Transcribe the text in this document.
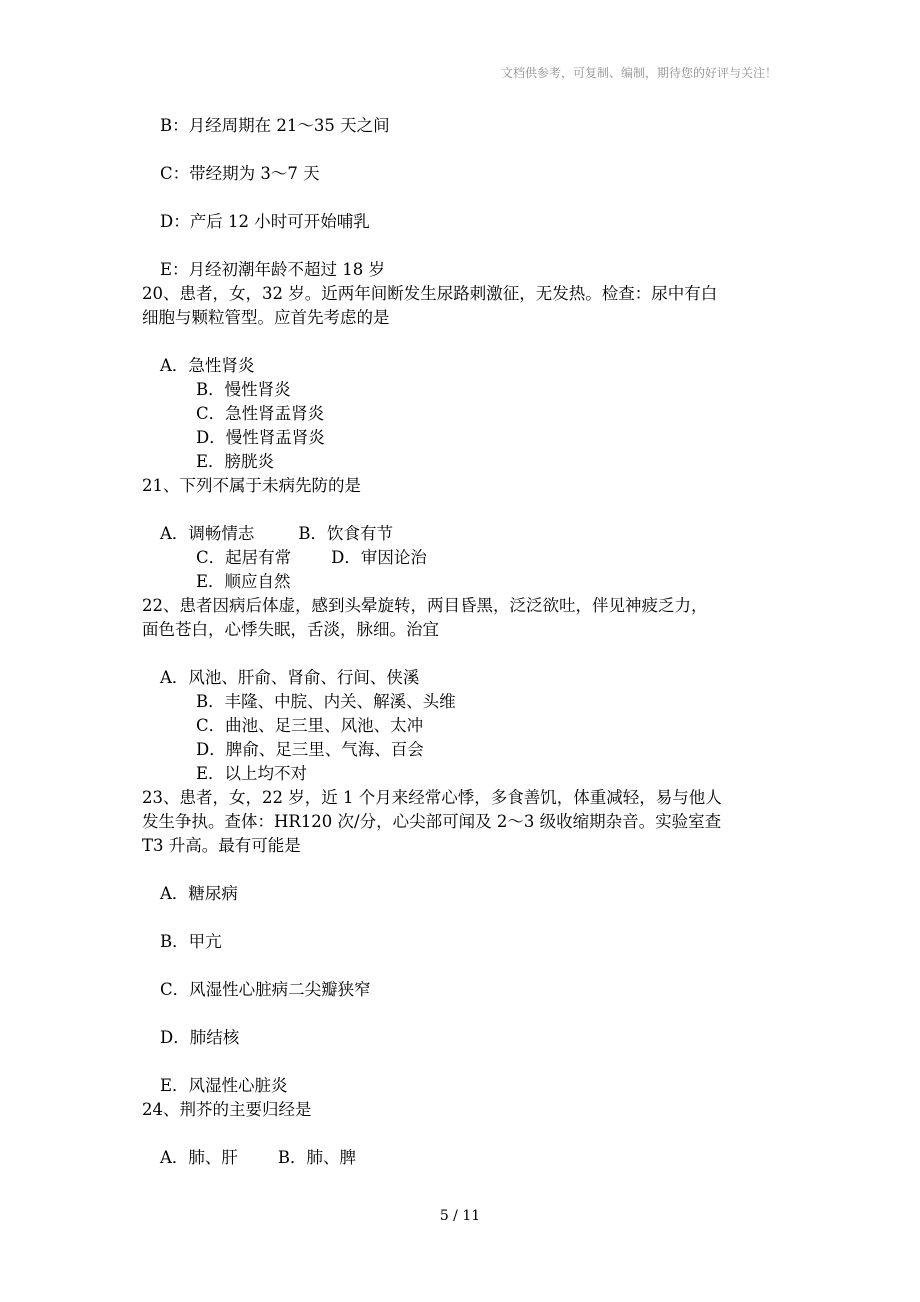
文档供参考，可复制、编制，期待您的好评与关注！
B：月经周期在 21～35 天之间
C：带经期为 3～7 天
D：产后 12 小时可开始哺乳
E：月经初潮年龄不超过 18 岁
20、患者，女，32 岁。近两年间断发生尿路刺激征，无发热。检查：尿中有白
细胞与颗粒管型。应首先考虑的是
A．急性肾炎
B．慢性肾炎
C．急性肾盂肾炎
D．慢性肾盂肾炎
E．膀胱炎
21、下列不属于未病先防的是
A．调畅情志	B．饮食有节
C．起居有常 D．审因论治
E．顺应自然
22、患者因病后体虚，感到头晕旋转，两目昏黑，泛泛欲吐，伴见神疲乏力，
面色苍白，心悸失眠，舌淡，脉细。治宜
A．风池、肝俞、肾俞、行间、侠溪
B．丰隆、中脘、内关、解溪、头维
C．曲池、足三里、风池、太冲
D．脾俞、足三里、气海、百会
E．以上均不对
23、患者，女，22 岁，近 1 个月来经常心悸，多食善饥，体重减轻，易与他人
发生争执。查体：HR120 次/分，心尖部可闻及 2～3 级收缩期杂音。实验室查
T3 升高。最有可能是
A．糖尿病
B．甲亢
C．风湿性心脏病二尖瓣狭窄
D．肺结核
E．风湿性心脏炎
24、荆芥的主要归经是
A．肺、肝 B．肺、脾
5 / 11
